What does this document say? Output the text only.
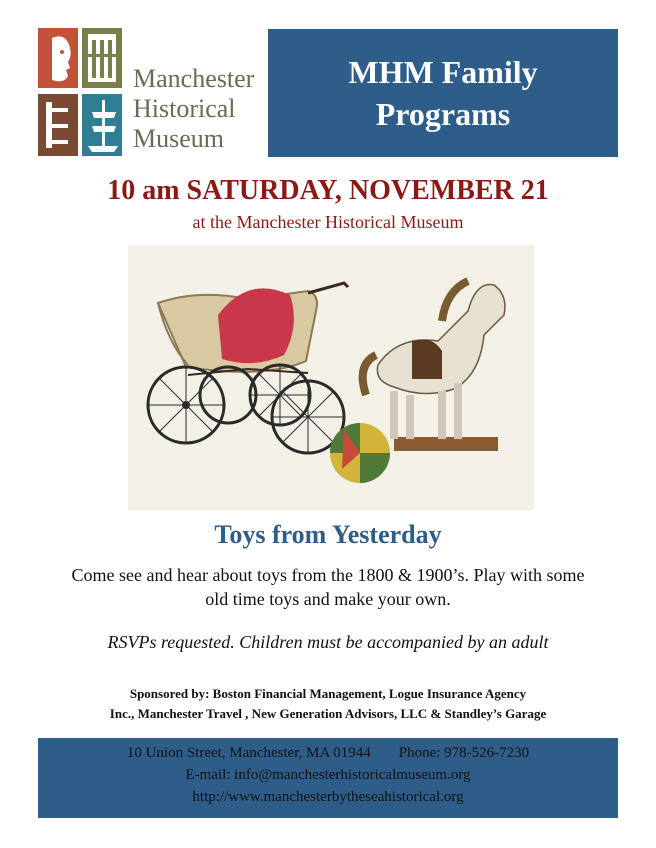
Manchester
Historical
Museum
MHM Family
Programs
10 am SATURDAY, NOVEMBER 21
at the Manchester Historical Museum
Toys from Yesterday
Come see and hear about toys from the 1800 & 1900’s. Play with some
old time toys and make your own.
RSVPs requested. Children must be accompanied by an adult
Sponsored by: Boston Financial Management, Logue Insurance Agency
Inc., Manchester Travel , New Generation Advisors, LLC & Standley’s Garage
10 Union Street, Manchester, MA 01944 Phone: 978-526-7230
E-mail: info@manchesterhistoricalmuseum.org
http://www.manchesterbytheseahistorical.org
